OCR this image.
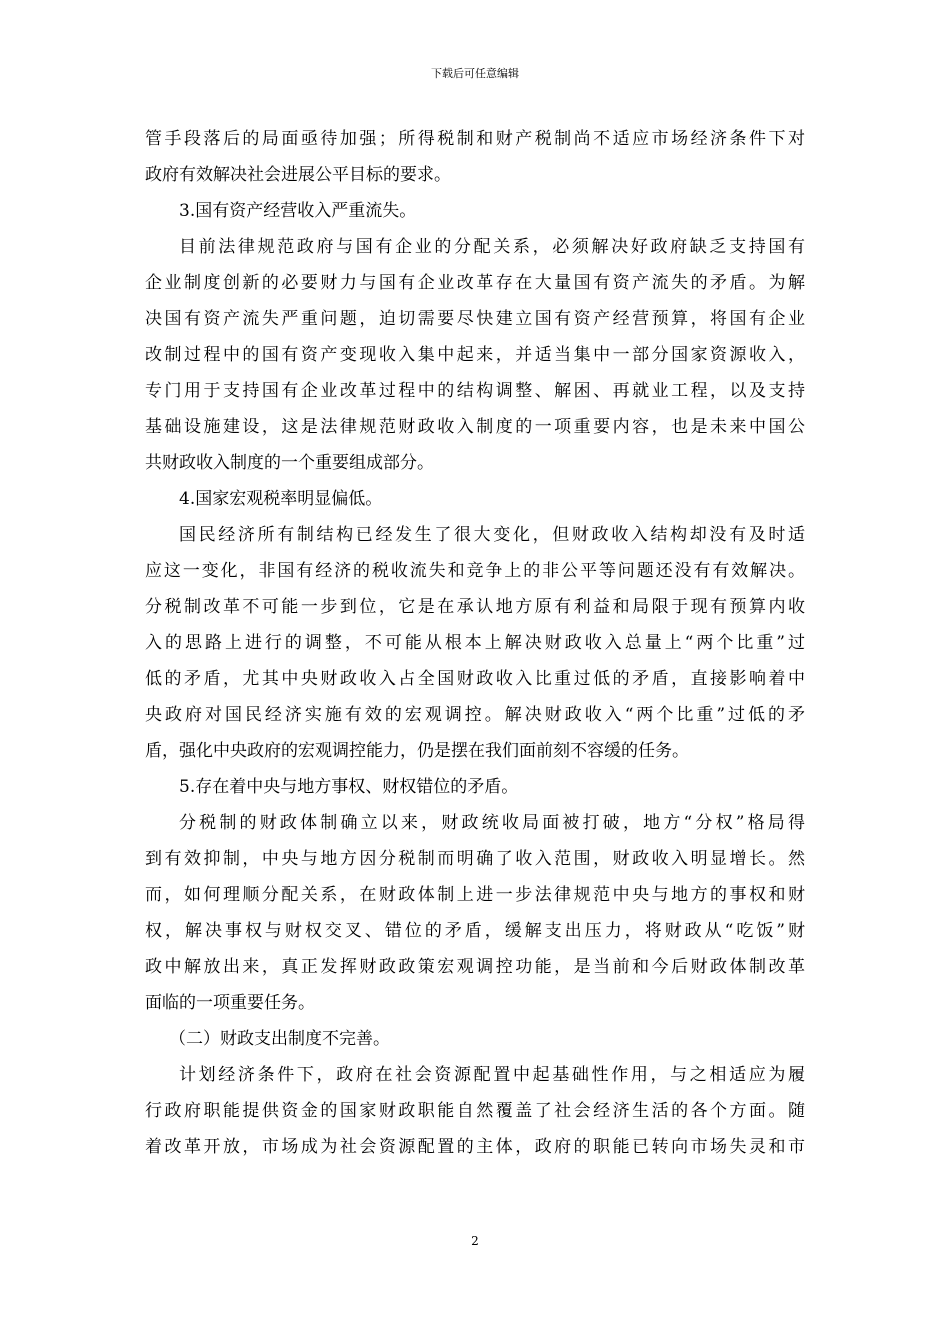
下载后可任意编辑
管手段落后的局面亟待加强；所得税制和财产税制尚不适应市场经济条件下对
政府有效解决社会进展公平目标的要求。
3.国有资产经营收入严重流失。
目前法律规范政府与国有企业的分配关系，必须解决好政府缺乏支持国有
企业制度创新的必要财力与国有企业改革存在大量国有资产流失的矛盾。为解
决国有资产流失严重问题，迫切需要尽快建立国有资产经营预算，将国有企业
改制过程中的国有资产变现收入集中起来，并适当集中一部分国家资源收入，
专门用于支持国有企业改革过程中的结构调整、解困、再就业工程，以及支持
基础设施建设，这是法律规范财政收入制度的一项重要内容，也是未来中国公
共财政收入制度的一个重要组成部分。
4.国家宏观税率明显偏低。
国民经济所有制结构已经发生了很大变化，但财政收入结构却没有及时适
应这一变化，非国有经济的税收流失和竞争上的非公平等问题还没有有效解决。
分税制改革不可能一步到位，它是在承认地方原有利益和局限于现有预算内收
入的思路上进行的调整，不可能从根本上解决财政收入总量上“两个比重”过
低的矛盾，尤其中央财政收入占全国财政收入比重过低的矛盾，直接影响着中
央政府对国民经济实施有效的宏观调控。解决财政收入“两个比重”过低的矛
盾，强化中央政府的宏观调控能力，仍是摆在我们面前刻不容缓的任务。
5.存在着中央与地方事权、财权错位的矛盾。
分税制的财政体制确立以来，财政统收局面被打破，地方“分权”格局得
到有效抑制，中央与地方因分税制而明确了收入范围，财政收入明显增长。然
而，如何理顺分配关系，在财政体制上进一步法律规范中央与地方的事权和财
权，解决事权与财权交叉、错位的矛盾，缓解支出压力，将财政从“吃饭”财
政中解放出来，真正发挥财政政策宏观调控功能，是当前和今后财政体制改革
面临的一项重要任务。
（二）财政支出制度不完善。
计划经济条件下，政府在社会资源配置中起基础性作用，与之相适应为履
行政府职能提供资金的国家财政职能自然覆盖了社会经济生活的各个方面。随
着改革开放，市场成为社会资源配置的主体，政府的职能已转向市场失灵和市
2
